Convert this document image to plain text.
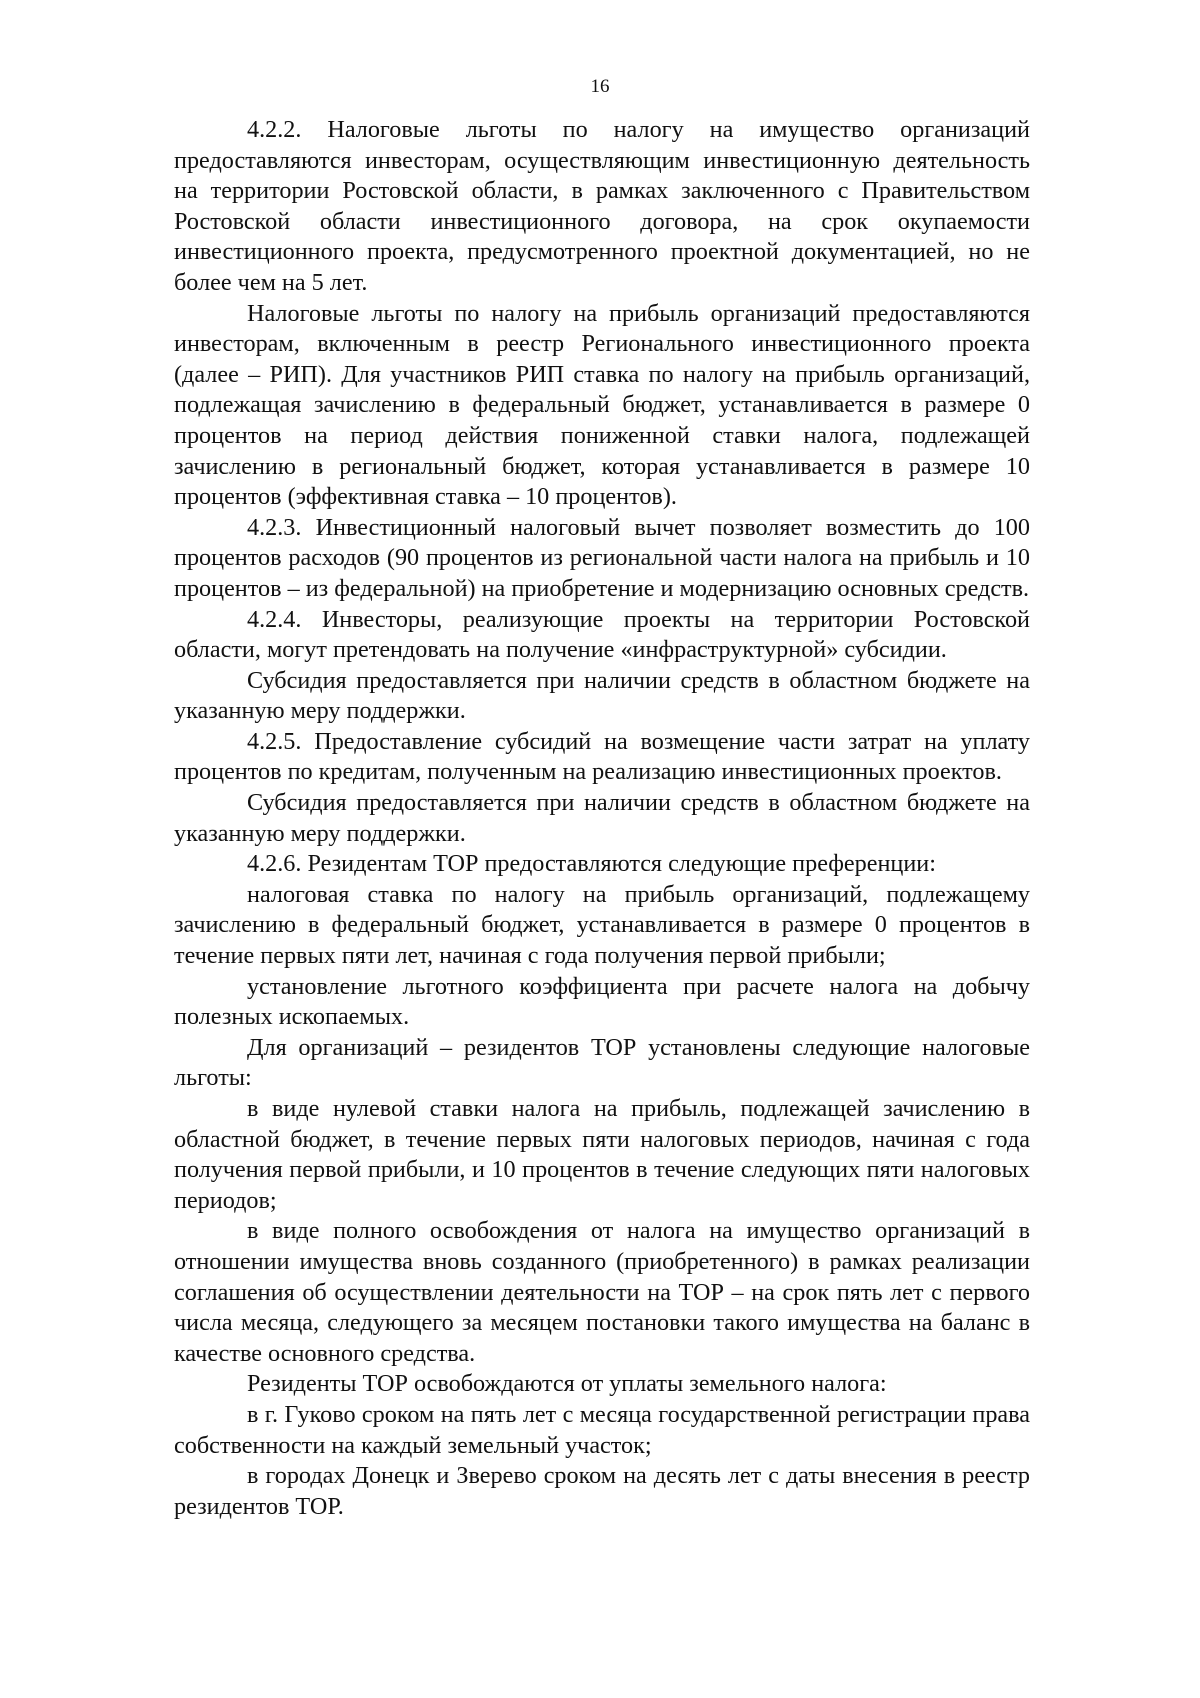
16

4.2.2. Налоговые льготы по налогу на имущество организаций предоставляются инвесторам, осуществляющим инвестиционную деятельность на территории Ростовской области, в рамках заключенного с Правительством Ростовской области инвестиционного договора, на срок окупаемости инвестиционного проекта, предусмотренного проектной документацией, но не более чем на 5 лет.

Налоговые льготы по налогу на прибыль организаций предоставляются инвесторам, включенным в реестр Регионального инвестиционного проекта (далее – РИП). Для участников РИП ставка по налогу на прибыль организаций, подлежащая зачислению в федеральный бюджет, устанавливается в размере 0 процентов на период действия пониженной ставки налога, подлежащей зачислению в региональный бюджет, которая устанавливается в размере 10 процентов (эффективная ставка – 10 процентов).

4.2.3. Инвестиционный налоговый вычет позволяет возместить до 100 процентов расходов (90 процентов из региональной части налога на прибыль и 10 процентов – из федеральной) на приобретение и модернизацию основных средств.

4.2.4. Инвесторы, реализующие проекты на территории Ростовской области, могут претендовать на получение «инфраструктурной» субсидии.

Субсидия предоставляется при наличии средств в областном бюджете на указанную меру поддержки.

4.2.5. Предоставление субсидий на возмещение части затрат на уплату процентов по кредитам, полученным на реализацию инвестиционных проектов.

Субсидия предоставляется при наличии средств в областном бюджете на указанную меру поддержки.

4.2.6. Резидентам ТОР предоставляются следующие преференции:

налоговая ставка по налогу на прибыль организаций, подлежащему зачислению в федеральный бюджет, устанавливается в размере 0 процентов в течение первых пяти лет, начиная с года получения первой прибыли;

установление льготного коэффициента при расчете налога на добычу полезных ископаемых.

Для организаций – резидентов ТОР установлены следующие налоговые льготы:

в виде нулевой ставки налога на прибыль, подлежащей зачислению в областной бюджет, в течение первых пяти налоговых периодов, начиная с года получения первой прибыли, и 10 процентов в течение следующих пяти налоговых периодов;

в виде полного освобождения от налога на имущество организаций в отношении имущества вновь созданного (приобретенного) в рамках реализации соглашения об осуществлении деятельности на ТОР – на срок пять лет с первого числа месяца, следующего за месяцем постановки такого имущества на баланс в качестве основного средства.

Резиденты ТОР освобождаются от уплаты земельного налога:

в г. Гуково сроком на пять лет с месяца государственной регистрации права собственности на каждый земельный участок;

в городах Донецк и Зверево сроком на десять лет с даты внесения в реестр резидентов ТОР.
